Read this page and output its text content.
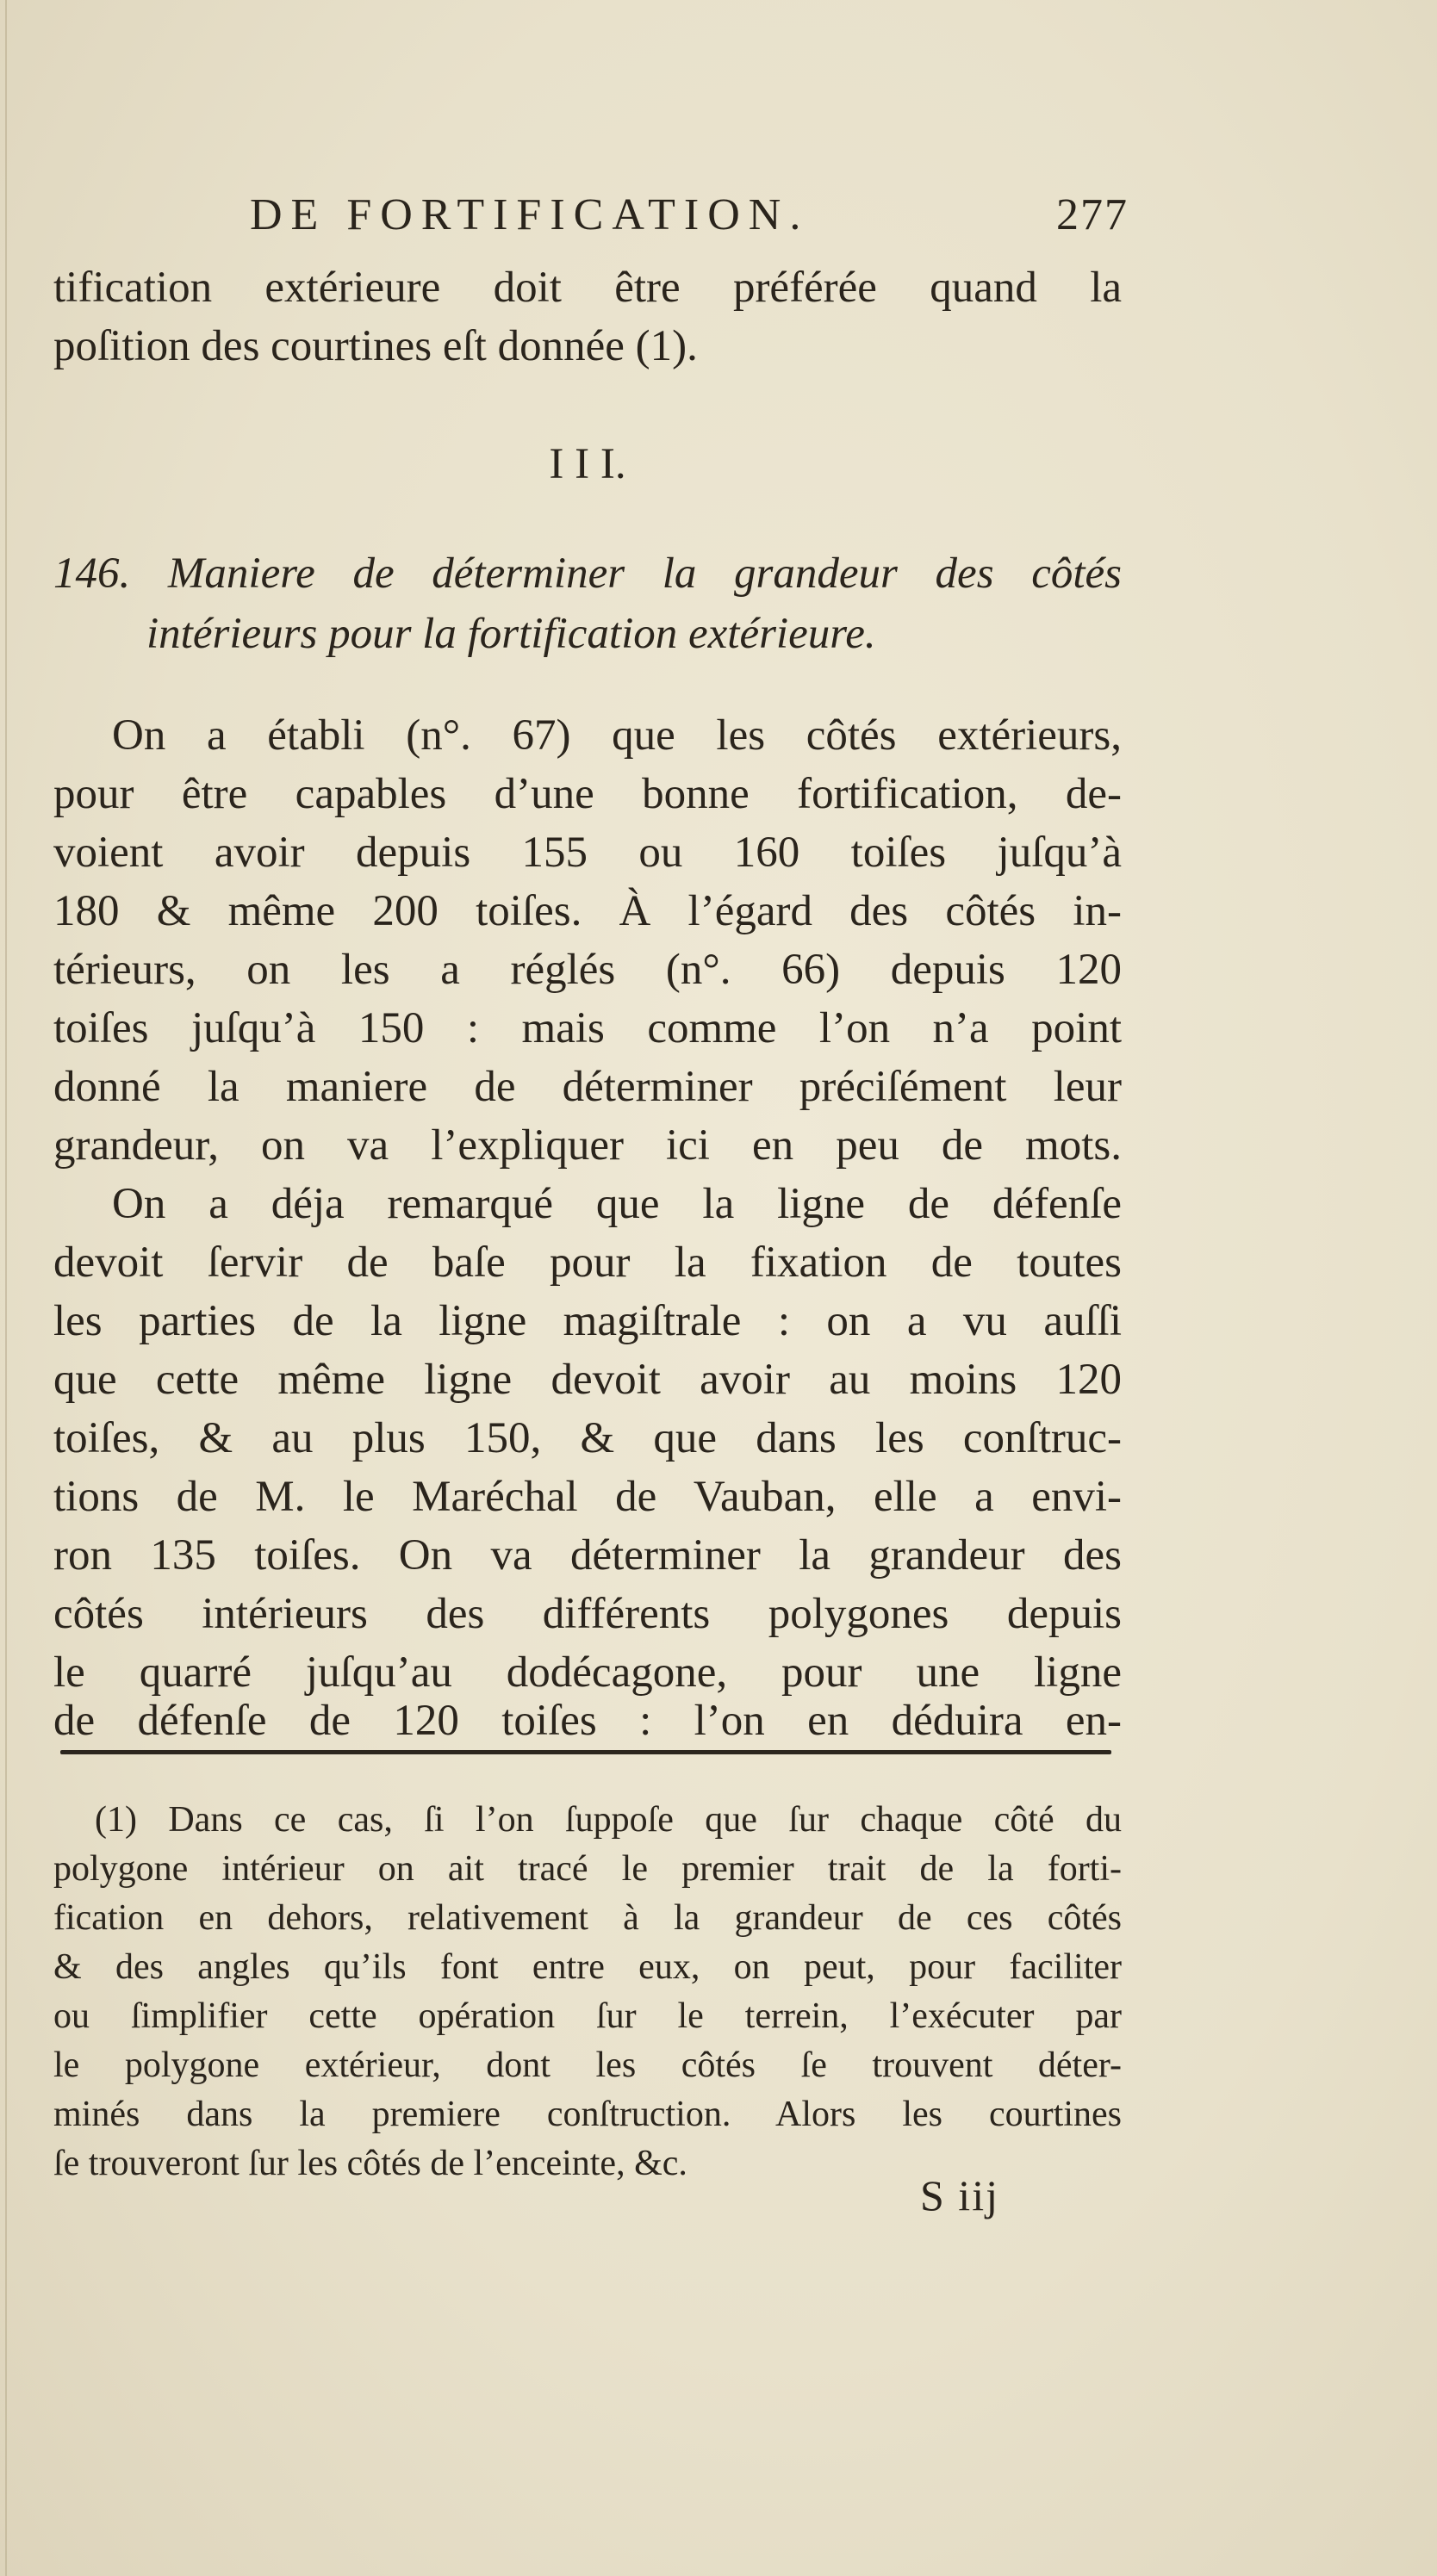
DE FORTIFICATION.	277
tification extérieure doit être préférée quand la
poſition des courtines eſt donnée (1).
I I I.
146. Maniere de déterminer la grandeur des côtés
intérieurs pour la fortification extérieure.
On a établi (n°. 67) que les côtés extérieurs,
pour être capables d’une bonne fortification, de-
voient avoir depuis 155 ou 160 toiſes juſqu’à
180 & même 200 toiſes. À l’égard des côtés in-
térieurs, on les a réglés (n°. 66) depuis 120
toiſes juſqu’à 150 : mais comme l’on n’a point
donné la maniere de déterminer préciſément leur
grandeur, on va l’expliquer ici en peu de mots.
On a déja remarqué que la ligne de défenſe
devoit ſervir de baſe pour la fixation de toutes
les parties de la ligne magiſtrale : on a vu auſſi
que cette même ligne devoit avoir au moins 120
toiſes, & au plus 150, & que dans les conſtruc-
tions de M. le Maréchal de Vauban, elle a envi-
ron 135 toiſes. On va déterminer la grandeur des
côtés intérieurs des différents polygones depuis
le quarré juſqu’au dodécagone, pour une ligne
de défenſe de 120 toiſes : l’on en déduira en-
(1) Dans ce cas, ſi l’on ſuppoſe que ſur chaque côté du
polygone intérieur on ait tracé le premier trait de la forti-
fication en dehors, relativement à la grandeur de ces côtés
& des angles qu’ils font entre eux, on peut, pour faciliter
ou ſimplifier cette opération ſur le terrein, l’exécuter par
le polygone extérieur, dont les côtés ſe trouvent déter-
minés dans la premiere conſtruction. Alors les courtines
ſe trouveront ſur les côtés de l’enceinte, &c.
S iij
